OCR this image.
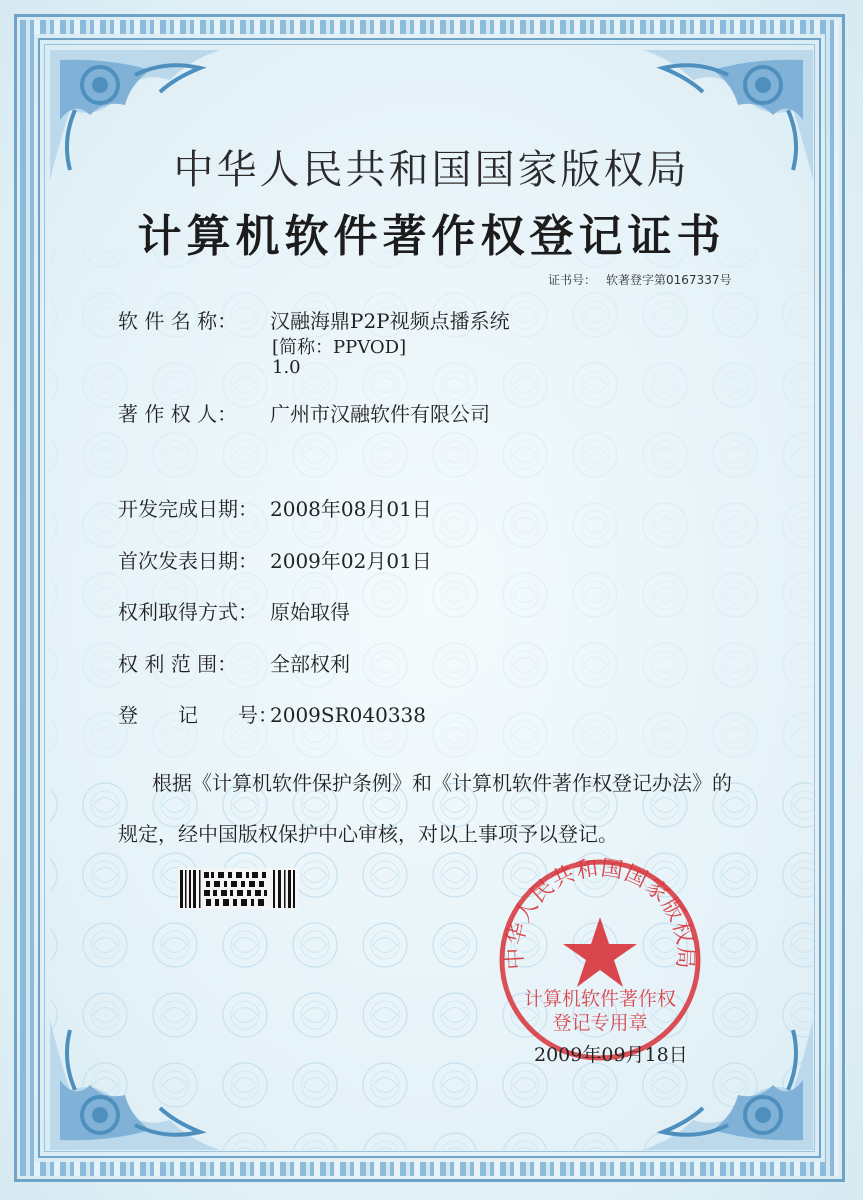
中华人民共和国国家版权局
计算机软件著作权登记证书
证书号： 软著登字第0167337号
软 件 名 称： 汉融海鼎P2P视频点播系统
[简称：PPVOD]
1.0
著 作 权 人： 广州市汉融软件有限公司
开发完成日期： 2008年08月01日
首次发表日期： 2009年02月01日
权利取得方式： 原始取得
权 利 范 围： 全部权利
登　　记　　号：2009SR040338
根据《计算机软件保护条例》和《计算机软件著作权登记办法》的
规定，经中国版权保护中心审核，对以上事项予以登记。
中华人民共和国国家版权局
计算机软件著作权
登记专用章
2009年09月18日
